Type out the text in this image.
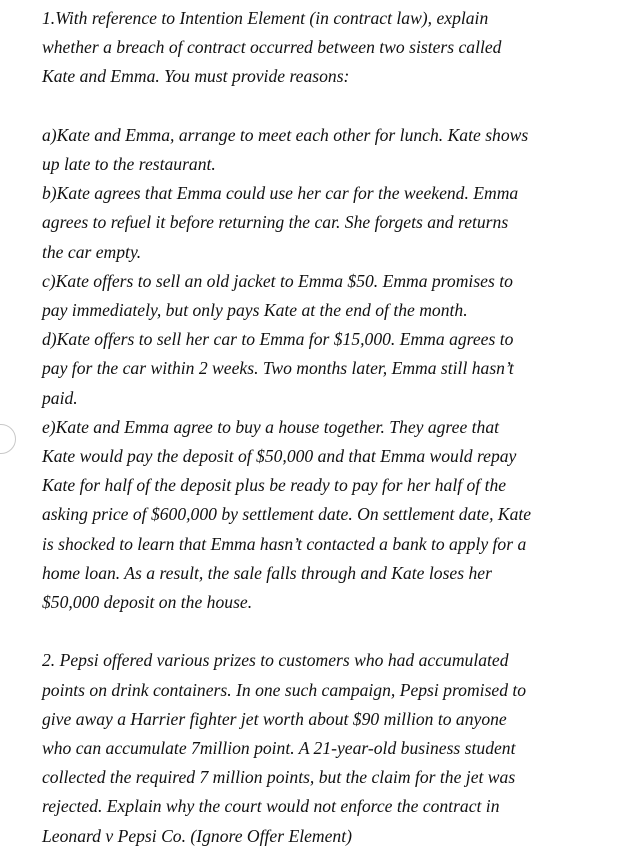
1.With reference to Intention Element (in contract law), explain

whether a breach of contract occurred between two sisters called

Kate and Emma. You must provide reasons:

a)Kate and Emma, arrange to meet each other for lunch. Kate shows

up late to the restaurant.

b)Kate agrees that Emma could use her car for the weekend. Emma

agrees to refuel it before returning the car. She forgets and returns

the car empty.

c)Kate offers to sell an old jacket to Emma $50. Emma promises to

pay immediately, but only pays Kate at the end of the month.

d)Kate offers to sell her car to Emma for $15,000. Emma agrees to

pay for the car within 2 weeks. Two months later, Emma still hasn’t

paid.

e)Kate and Emma agree to buy a house together. They agree that

Kate would pay the deposit of $50,000 and that Emma would repay

Kate for half of the deposit plus be ready to pay for her half of the

asking price of $600,000 by settlement date. On settlement date, Kate

is shocked to learn that Emma hasn’t contacted a bank to apply for a

home loan. As a result, the sale falls through and Kate loses her

$50,000 deposit on the house.

2. Pepsi offered various prizes to customers who had accumulated

points on drink containers. In one such campaign, Pepsi promised to

give away a Harrier fighter jet worth about $90 million to anyone

who can accumulate 7million point. A 21-year-old business student

collected the required 7 million points, but the claim for the jet was

rejected. Explain why the court would not enforce the contract in

Leonard v Pepsi Co. (Ignore Offer Element)
